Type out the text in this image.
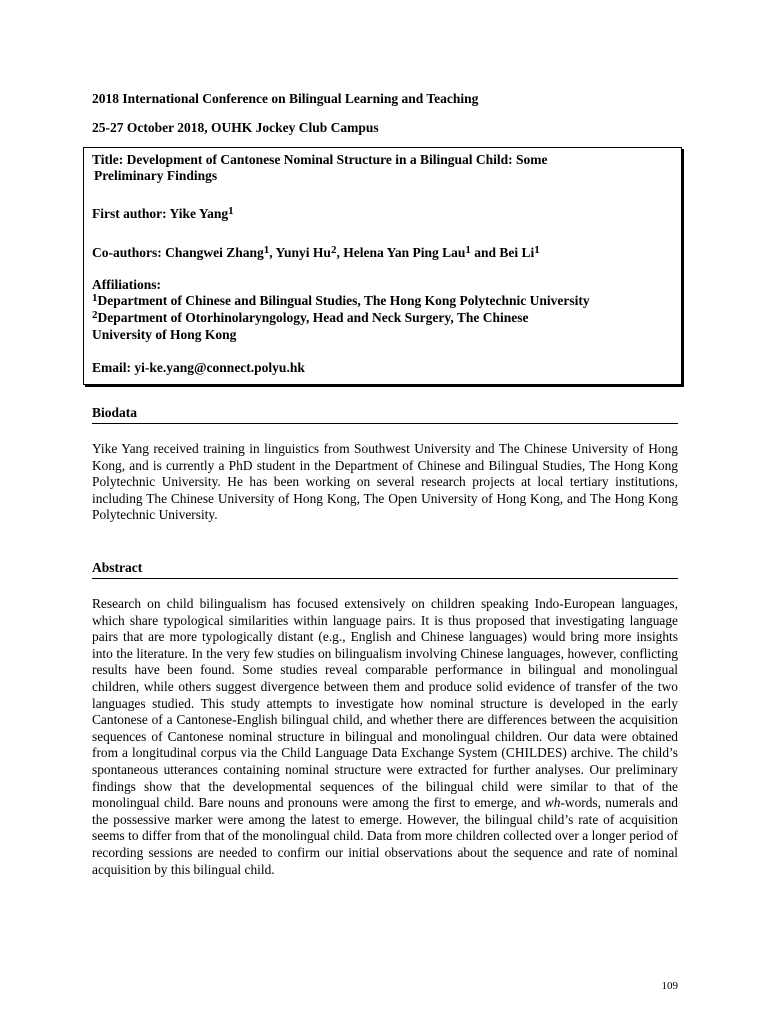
2018 International Conference on Bilingual Learning and Teaching
25-27 October 2018, OUHK Jockey Club Campus
Title: Development of Cantonese Nominal Structure in a Bilingual Child: Some
Preliminary Findings
First author: Yike Yang$^1$
Co-authors: Changwei Zhang$^1$, Yunyi Hu$^2$, Helena Yan Ping Lau$^1$ and Bei Li$^1$
Affiliations:
$^1$Department of Chinese and Bilingual Studies, The Hong Kong Polytechnic University
$^2$Department of Otorhinolaryngology, Head and Neck Surgery, The Chinese
University of Hong Kong
Email: yi-ke.yang@connect.polyu.hk
Biodata

Yike Yang received training in linguistics from Southwest University and The Chinese University of Hong Kong, and is currently a PhD student in the Department of Chinese and Bilingual Studies, The Hong Kong Polytechnic University. He has been working on several research projects at local tertiary institutions, including The Chinese University of Hong Kong, The Open University of Hong Kong, and The Hong Kong Polytechnic University.

Abstract

Research on child bilingualism has focused extensively on children speaking Indo-European languages, which share typological similarities within language pairs. It is thus proposed that investigating language pairs that are more typologically distant (e.g., English and Chinese languages) would bring more insights into the literature. In the very few studies on bilingualism involving Chinese languages, however, conflicting results have been found. Some studies reveal comparable performance in bilingual and monolingual children, while others suggest divergence between them and produce solid evidence of transfer of the two languages studied. This study attempts to investigate how nominal structure is developed in the early Cantonese of a Cantonese-English bilingual child, and whether there are differences between the acquisition sequences of Cantonese nominal structure in bilingual and monolingual children. Our data were obtained from a longitudinal corpus via the Child Language Data Exchange System (CHILDES) archive. The child’s spontaneous utterances containing nominal structure were extracted for further analyses. Our preliminary findings show that the developmental sequences of the bilingual child were similar to that of the monolingual child. Bare nouns and pronouns were among the first to emerge, and wh-words, numerals and the possessive marker were among the latest to emerge. However, the bilingual child’s rate of acquisition seems to differ from that of the monolingual child. Data from more children collected over a longer period of recording sessions are needed to confirm our initial observations about the sequence and rate of nominal acquisition by this bilingual child.

109
